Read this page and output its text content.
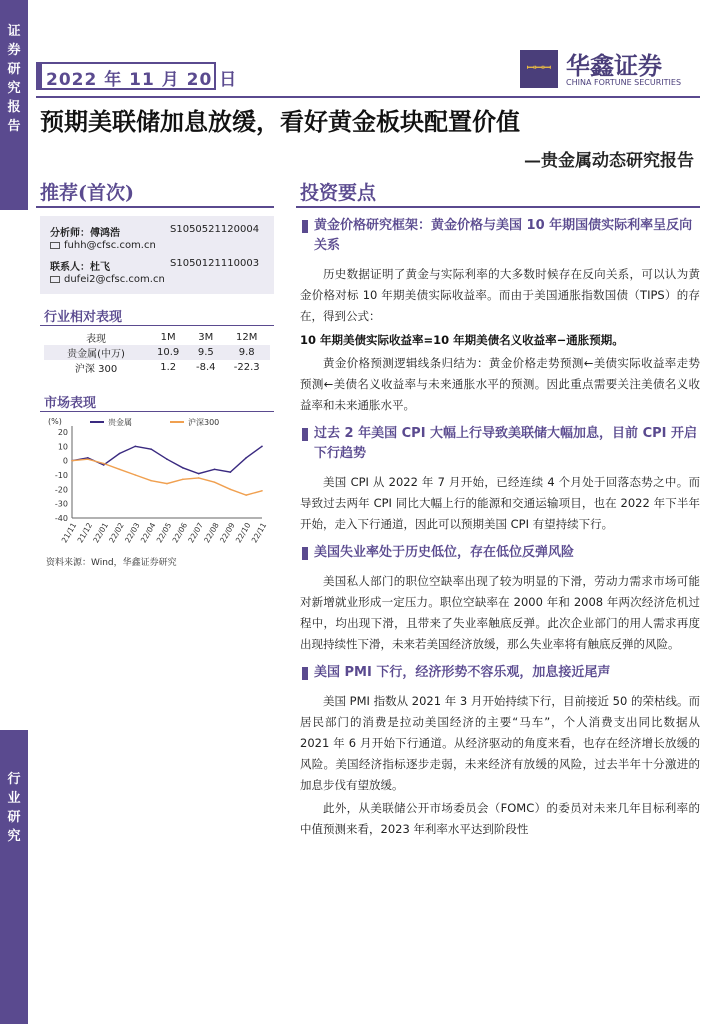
证
券
研
究
报
告
行
业
研
究
2022 年 11 月 20 日
ꟷꟷꟷ 华鑫证券
CHINA FORTUNE SECURITIES
预期美联储加息放缓，看好黄金板块配置价值
—贵金属动态研究报告
推荐(首次)
分析师：傅鸿浩	S1050521120004
fuhh@cfsc.com.cn
联系人：杜飞	S1050121110003
dufei2@cfsc.com.cn
行业相对表现
表现	1M	3M	12M
贵金属(中万)	10.9	9.5	9.8
沪深 300	1.2	-8.4	-22.3
市场表现
(%)
20
10
0
-10
-20
-30
-40
21/11
21/12
22/01
22/02
22/03
22/04
22/05
22/06
22/07
22/08
22/09
22/10
22/11
贵金属	沪深300
资料来源：Wind，华鑫证券研究
投资要点
黄金价格研究框架：黄金价格与美国 10 年期国债实际利率呈反向关系
历史数据证明了黄金与实际利率的大多数时候存在反向关系，可以认为黄金价格对标 10 年期美债实际收益率。而由于美国通胀指数国债（TIPS）的存在，得到公式：
10 年期美债实际收益率=10 年期美债名义收益率−通胀预期。
黄金价格预测逻辑线条归结为：黄金价格走势预测←美债实际收益率走势预测←美债名义收益率与未来通胀水平的预测。因此重点需要关注美债名义收益率和未来通胀水平。
过去 2 年美国 CPI 大幅上行导致美联储大幅加息，目前 CPI 开启下行趋势
美国 CPI 从 2022 年 7 月开始，已经连续 4 个月处于回落态势之中。而导致过去两年 CPI 同比大幅上行的能源和交通运输项目，也在 2022 年下半年开始，走入下行通道，因此可以预期美国 CPI 有望持续下行。
美国失业率处于历史低位，存在低位反弹风险
美国私人部门的职位空缺率出现了较为明显的下滑，劳动力需求市场可能对新增就业形成一定压力。职位空缺率在 2000 年和 2008 年两次经济危机过程中，均出现下滑，且带来了失业率触底反弹。此次企业部门的用人需求再度出现持续性下滑，未来若美国经济放缓，那么失业率将有触底反弹的风险。
美国 PMI 下行，经济形势不容乐观，加息接近尾声
美国 PMI 指数从 2021 年 3 月开始持续下行，目前接近 50 的荣枯线。而居民部门的消费是拉动美国经济的主要“马车”，个人消费支出同比数据从 2021 年 6 月开始下行通道。从经济驱动的角度来看，也存在经济增长放缓的风险。美国经济指标逐步走弱，未来经济有放缓的风险，过去半年十分激进的加息步伐有望放缓。
此外，从美联储公开市场委员会（FOMC）的委员对未来几年目标利率的中值预测来看，2023 年利率水平达到阶段性
